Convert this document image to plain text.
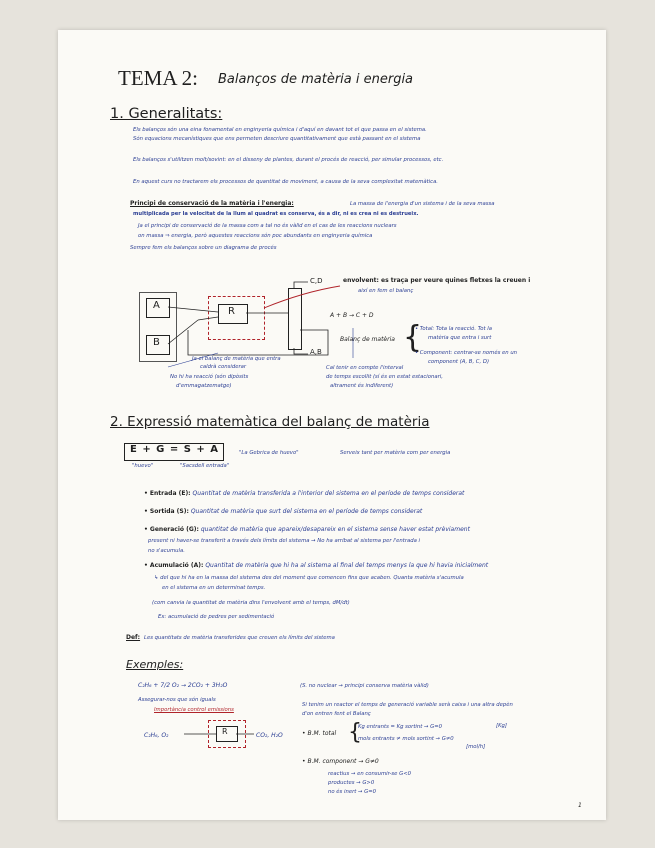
TEMA 2: Balanços de matèria i energia
1. Generalitats:
Els balanços són una eina fonamental en enginyeria química i d'aquí en davant tot el que passa en el sistema.
Són equacions mecanístiques que ens permeten descriure quantitativament que està passant en el sistema
Els balanços s'utilitzen molt/sovint: en el disseny de plantes, durant el procés de reacció, per simular processos, etc.
En aquest curs no tractarem els processos de quantitat de moviment, a causa de la seva complexitat matemàtica.
Principi de conservació de la matèria i l'energia:	La massa de l'energia d'un sistema i de la seva massa
multiplicada per la velocitat de la llum al quadrat es conserva, és a dir, ni es crea ni es destrueix.
Ja el principi de conservació de la massa com a tal no és vàlid en el cas de les reaccions nuclears
on massa ⇒ energia, però aquestes reaccions són poc abundants en enginyeria química
Sempre fem els balanços sobre un diagrama de procés
A
B
R
C,D
A,B
envolvent: es traça per veure quines fletxes la creuen i
així en fem el balanç
A + B → C + D
Balanç de matèria {
• Total: Tota la reacció. Tot la
matèria que entra i surt
• Component: centrar-se només en un
component (A, B, C, D)
Ja el balanç de matèria que entra
caldrà considerar
No hi ha reacció (són dipòsits
d'emmagatzematge)
Cal tenir en compte l'interval
de temps escollit (sí és en estat estacionari,
altrament és indiferent)
2. Expressió matemàtica del balanç de matèria
E + G = S + A	"La Gebrica de huevo"	Serveix tant per matèria com per energia
"huevo"	"Sacsdell entrada"
• Entrada (E): Quantitat de matèria transferida a l'interior del sistema en el període de temps considerat
• Sortida (S): Quantitat de matèria que surt del sistema en el període de temps considerat
• Generació (G): quantitat de matèria que apareix/desapareix en el sistema sense haver estat prèviament
present ni haver-se transferit a través dels límits del sistema → No ha arribat al sistema per l'entrada i
no s'acumula.
• Acumulació (A): Quantitat de matèria que hi ha al sistema al final del temps menys la que hi havia inicialment
↳ del que hi ha en la massa del sistema des del moment que comencen fins que acaben. Quanta matèria s'acumula
en el sistema en un determinat temps.
(com canvia la quantitat de matèria dins l'envolvent amb el temps, dM/dt)
Ex: acumulació de pedres per sedimentació
Def: Les quantitats de matèria transferides que creuen els límits del sistema
Exemples:
C₂H₆ + 7/2 O₂ → 2CO₂ + 3H₂O	(S. no nuclear → principi conserva matèria vàlid)
Assegurar-nos que són iguals
Importància control emissions
C₂H₆, O₂	R	CO₂, H₂O
Si tenim un reactor el temps de generació variable serà caixa i una altra depèn
d'on entren fent el Balanç
• B.M. total {
Kg entrants = Kg sortint → G=0
mols entrants ≠ mols sortint → G≠0
[Kg]
[mol/h]
• B.M. component → G≠0
reactius → en consumir-se G<0
productes → G>0
no és inert → G=0
1
